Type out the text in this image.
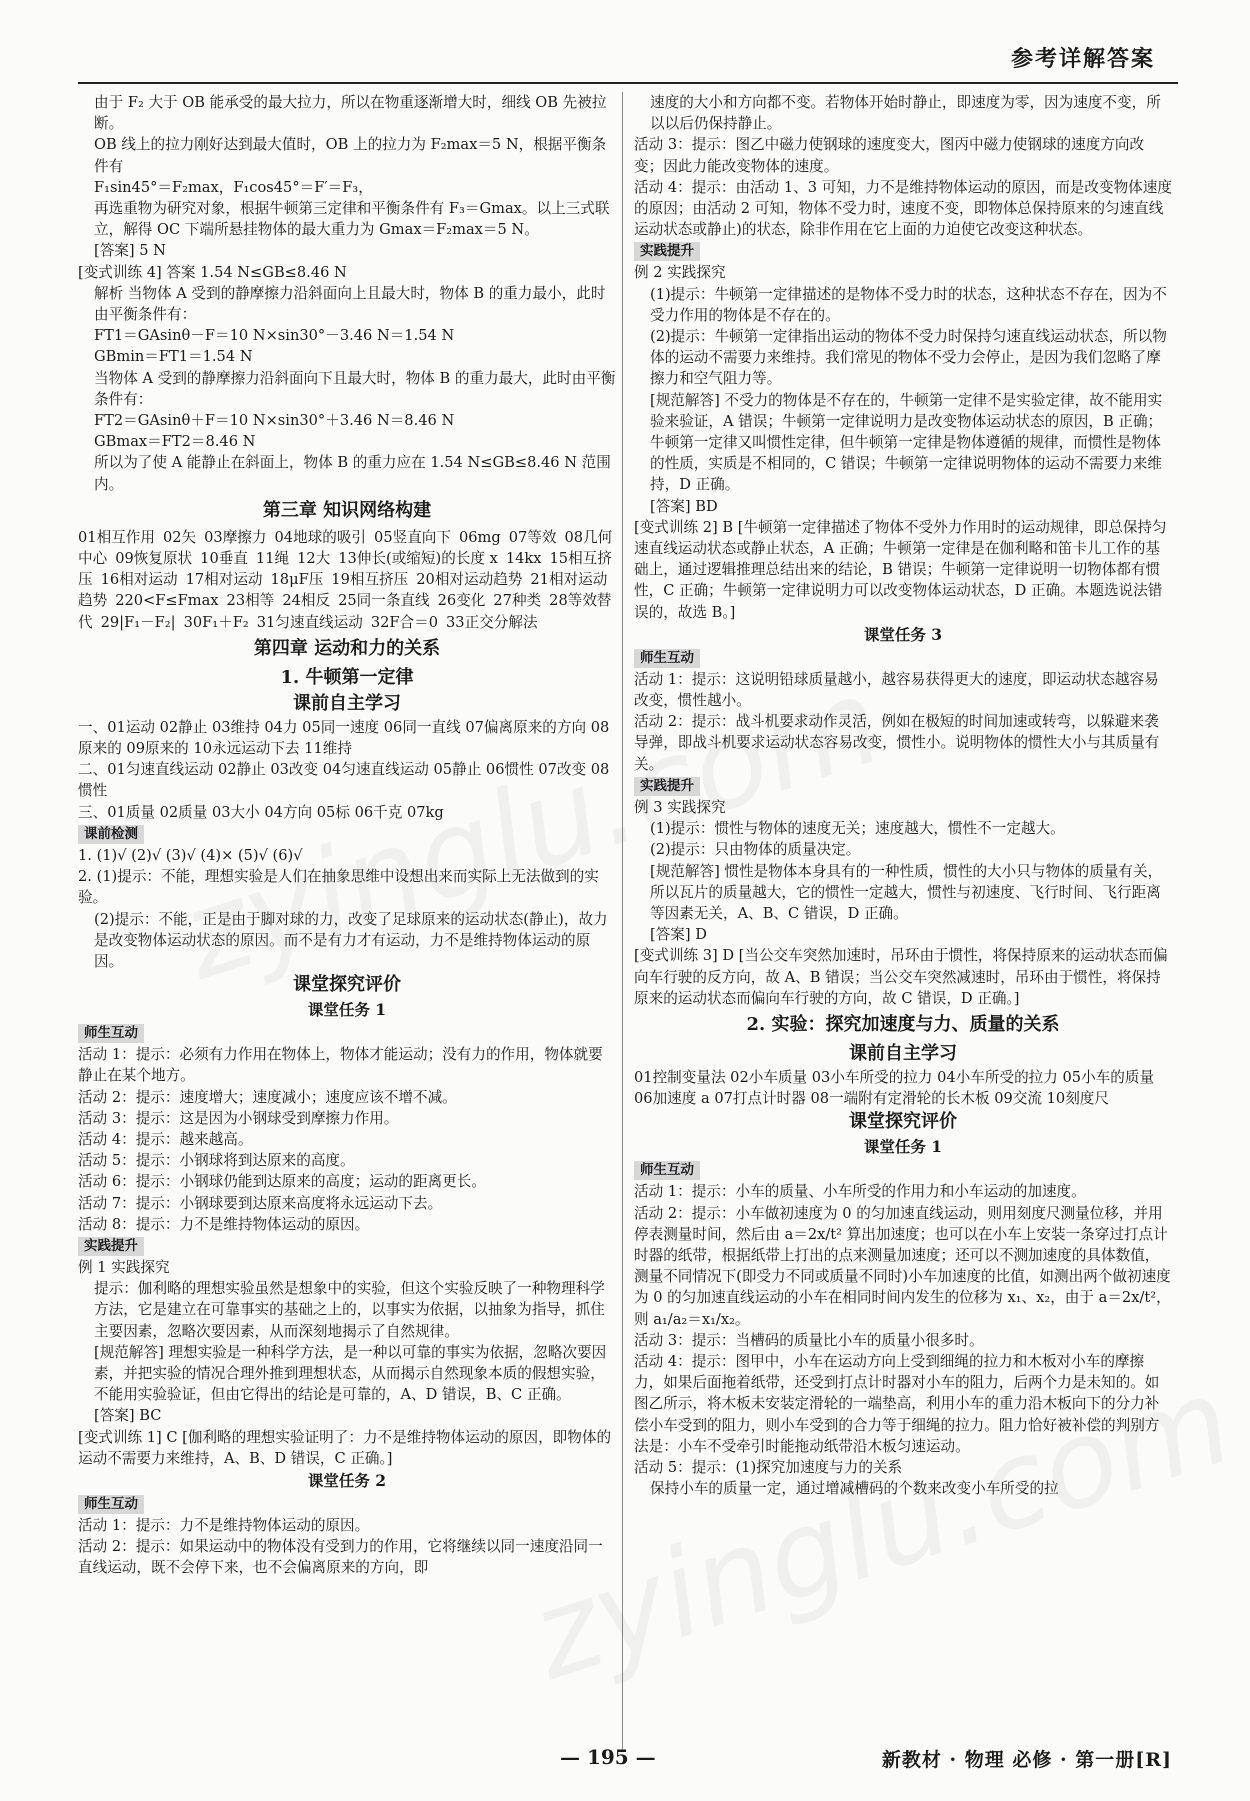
参考详解答案

由于 F₂ 大于 OB 能承受的最大拉力，所以在物重逐渐增大时，细线 OB 先被拉断。

OB 线上的拉力刚好达到最大值时，OB 上的拉力为 F₂max＝5 N，根据平衡条件有

F₁sin45°＝F₂max，F₁cos45°＝F′＝F₃，

再选重物为研究对象，根据牛顿第三定律和平衡条件有 F₃＝Gmax。以上三式联立，解得 OC 下端所悬挂物体的最大重力为 Gmax＝F₂max＝5 N。

[答案] 5 N

[变式训练 4] 答案 1.54 N≤GB≤8.46 N

解析 当物体 A 受到的静摩擦力沿斜面向上且最大时，物体 B 的重力最小，此时由平衡条件有：

FT1＝GAsinθ－F＝10 N×sin30°－3.46 N＝1.54 N

GBmin＝FT1＝1.54 N

当物体 A 受到的静摩擦力沿斜面向下且最大时，物体 B 的重力最大，此时由平衡条件有：

FT2＝GAsinθ＋F＝10 N×sin30°＋3.46 N＝8.46 N

GBmax＝FT2＝8.46 N

所以为了使 A 能静止在斜面上，物体 B 的重力应在 1.54 N≤GB≤8.46 N 范围内。

第三章 知识网络构建
01相互作用 02矢 03摩擦力 04地球的吸引 05竖直向下 06mg 07等效 08几何中心 09恢复原状 10垂直 11绳 12大 13伸长(或缩短)的长度 x 14kx 15相互挤压 16相对运动 17相对运动 18μF压 19相互挤压 20相对运动趋势 21相对运动趋势 220<F≤Fmax 23相等 24相反 25同一条直线 26变化 27种类 28等效替代 29|F₁－F₂| 30F₁＋F₂ 31匀速直线运动 32F合＝0 33正交分解法
第四章 运动和力的关系
1. 牛顿第一定律
课前自主学习

一、01运动 02静止 03维持 04力 05同一速度 06同一直线 07偏离原来的方向 08原来的 09原来的 10永远运动下去 11维持

二、01匀速直线运动 02静止 03改变 04匀速直线运动 05静止 06惯性 07改变 08惯性

三、01质量 02质量 03大小 04方向 05标 06千克 07kg

课前检测

1. (1)√ (2)√ (3)√ (4)× (5)√ (6)√

2. (1)提示：不能，理想实验是人们在抽象思维中设想出来而实际上无法做到的实验。

(2)提示：不能，正是由于脚对球的力，改变了足球原来的运动状态(静止)，故力是改变物体运动状态的原因。而不是有力才有运动，力不是维持物体运动的原因。

课堂探究评价
课堂任务 1
师生互动

活动 1：提示：必须有力作用在物体上，物体才能运动；没有力的作用，物体就要静止在某个地方。

活动 2：提示：速度增大；速度减小；速度应该不增不减。

活动 3：提示：这是因为小钢球受到摩擦力作用。

活动 4：提示：越来越高。

活动 5：提示：小钢球将到达原来的高度。

活动 6：提示：小钢球仍能到达原来的高度；运动的距离更长。

活动 7：提示：小钢球要到达原来高度将永远运动下去。

活动 8：提示：力不是维持物体运动的原因。

实践提升

例 1 实践探究

提示：伽利略的理想实验虽然是想象中的实验，但这个实验反映了一种物理科学方法，它是建立在可靠事实的基础之上的，以事实为依据，以抽象为指导，抓住主要因素，忽略次要因素，从而深刻地揭示了自然规律。

[规范解答] 理想实验是一种科学方法，是一种以可靠的事实为依据，忽略次要因素，并把实验的情况合理外推到理想状态，从而揭示自然现象本质的假想实验，不能用实验验证，但由它得出的结论是可靠的，A、D 错误，B、C 正确。

[答案] BC

[变式训练 1] C [伽利略的理想实验证明了：力不是维持物体运动的原因，即物体的运动不需要力来维持，A、B、D 错误，C 正确。]

课堂任务 2
师生互动

活动 1：提示：力不是维持物体运动的原因。

活动 2：提示：如果运动中的物体没有受到力的作用，它将继续以同一速度沿同一直线运动，既不会停下来，也不会偏离原来的方向，即

速度的大小和方向都不变。若物体开始时静止，即速度为零，因为速度不变，所以以后仍保持静止。

活动 3：提示：图乙中磁力使钢球的速度变大，图丙中磁力使钢球的速度方向改变；因此力能改变物体的速度。

活动 4：提示：由活动 1、3 可知，力不是维持物体运动的原因，而是改变物体速度的原因；由活动 2 可知，物体不受力时，速度不变，即物体总保持原来的匀速直线运动状态或静止)的状态，除非作用在它上面的力迫使它改变这种状态。

实践提升

例 2 实践探究

(1)提示：牛顿第一定律描述的是物体不受力时的状态，这种状态不存在，因为不受力作用的物体是不存在的。

(2)提示：牛顿第一定律指出运动的物体不受力时保持匀速直线运动状态，所以物体的运动不需要力来维持。我们常见的物体不受力会停止，是因为我们忽略了摩擦力和空气阻力等。

[规范解答] 不受力的物体是不存在的，牛顿第一定律不是实验定律，故不能用实验来验证，A 错误；牛顿第一定律说明力是改变物体运动状态的原因，B 正确；牛顿第一定律又叫惯性定律，但牛顿第一定律是物体遵循的规律，而惯性是物体的性质，实质是不相同的，C 错误；牛顿第一定律说明物体的运动不需要力来维持，D 正确。

[答案] BD

[变式训练 2] B [牛顿第一定律描述了物体不受外力作用时的运动规律，即总保持匀速直线运动状态或静止状态，A 正确；牛顿第一定律是在伽利略和笛卡儿工作的基础上，通过逻辑推理总结出来的结论，B 错误；牛顿第一定律说明一切物体都有惯性，C 正确；牛顿第一定律说明力可以改变物体运动状态，D 正确。本题选说法错误的，故选 B。]

课堂任务 3
师生互动

活动 1：提示：这说明铅球质量越小，越容易获得更大的速度，即运动状态越容易改变，惯性越小。

活动 2：提示：战斗机要求动作灵活，例如在极短的时间加速或转弯，以躲避来袭导弹，即战斗机要求运动状态容易改变，惯性小。说明物体的惯性大小与其质量有关。

实践提升

例 3 实践探究

(1)提示：惯性与物体的速度无关；速度越大，惯性不一定越大。

(2)提示：只由物体的质量决定。

[规范解答] 惯性是物体本身具有的一种性质，惯性的大小只与物体的质量有关，所以瓦片的质量越大，它的惯性一定越大，惯性与初速度、飞行时间、飞行距离等因素无关，A、B、C 错误，D 正确。

[答案] D

[变式训练 3] D [当公交车突然加速时，吊环由于惯性，将保持原来的运动状态而偏向车行驶的反方向，故 A、B 错误；当公交车突然减速时，吊环由于惯性，将保持原来的运动状态而偏向车行驶的方向，故 C 错误，D 正确。]

2. 实验：探究加速度与力、质量的关系
课前自主学习

01控制变量法 02小车质量 03小车所受的拉力 04小车所受的拉力 05小车的质量 06加速度 a 07打点计时器 08一端附有定滑轮的长木板 09交流 10刻度尺

课堂探究评价
课堂任务 1
师生互动

活动 1：提示：小车的质量、小车所受的作用力和小车运动的加速度。

活动 2：提示：小车做初速度为 0 的匀加速直线运动，则用刻度尺测量位移，并用停表测量时间，然后由 a＝2x/t² 算出加速度；也可以在小车上安装一条穿过打点计时器的纸带，根据纸带上打出的点来测量加速度；还可以不测加速度的具体数值，测量不同情况下(即受力不同或质量不同时)小车加速度的比值，如测出两个做初速度为 0 的匀加速直线运动的小车在相同时间内发生的位移为 x₁、x₂，由于 a＝2x/t²，则 a₁/a₂＝x₁/x₂。

活动 3：提示：当槽码的质量比小车的质量小很多时。

活动 4：提示：图甲中，小车在运动方向上受到细绳的拉力和木板对小车的摩擦力，如果后面拖着纸带，还受到打点计时器对小车的阻力，后两个力是未知的。如图乙所示，将木板未安装定滑轮的一端垫高，利用小车的重力沿木板向下的分力补偿小车受到的阻力，则小车受到的合力等于细绳的拉力。阻力恰好被补偿的判别方法是：小车不受牵引时能拖动纸带沿木板匀速运动。

活动 5：提示：(1)探究加速度与力的关系

保持小车的质量一定，通过增减槽码的个数来改变小车所受的拉

— 195 —	新教材 · 物理 必修 · 第一册[R]
